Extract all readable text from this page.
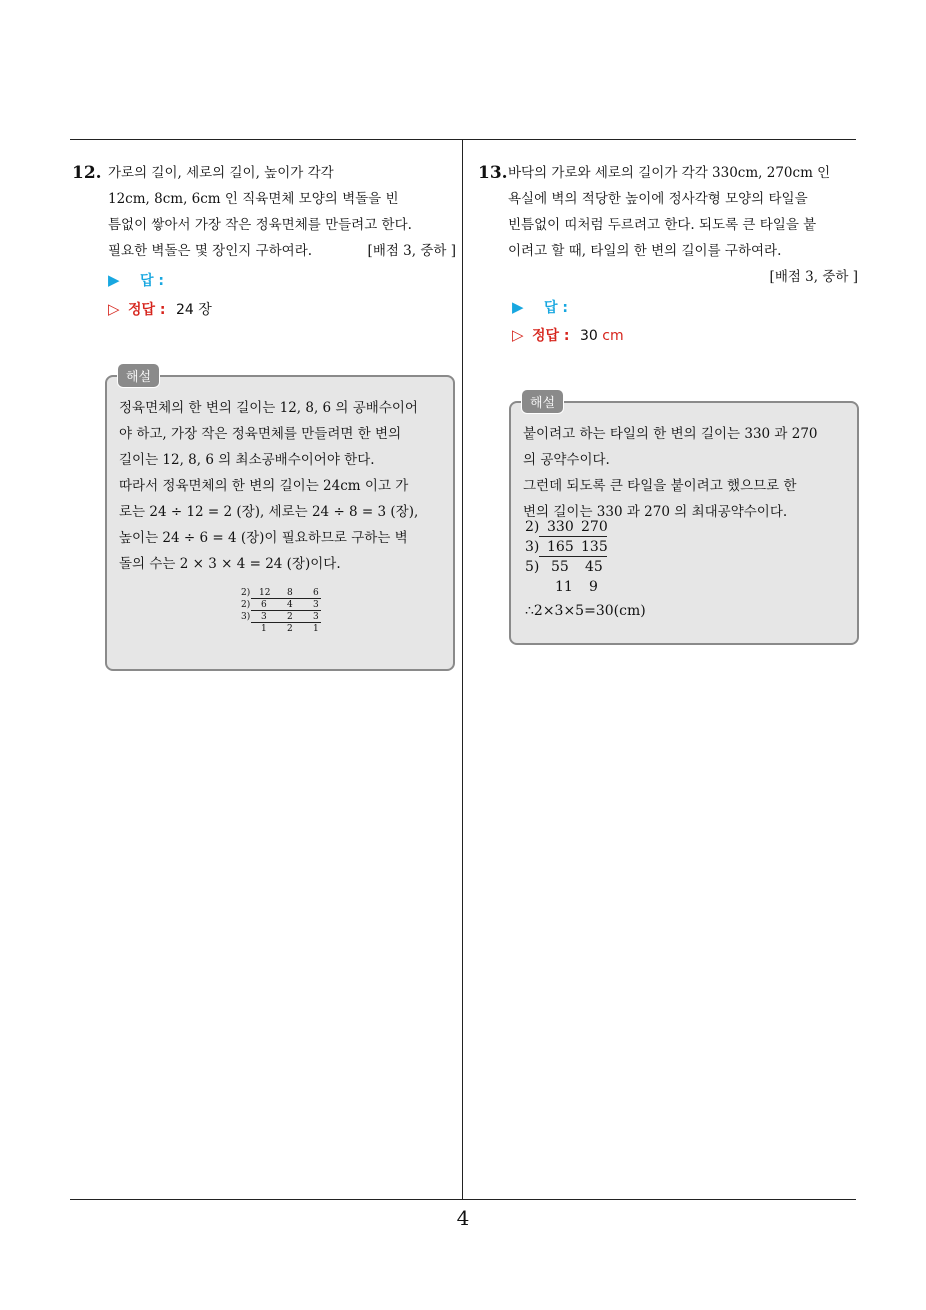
4
12. 가로의 길이, 세로의 길이, 높이가 각각
12cm, 8cm, 6cm 인 직육면체 모양의 벽돌을 빈
틈없이 쌓아서 가장 작은 정육면체를 만들려고 한다.
필요한 벽돌은 몇 장인지 구하여라.	[배점 3, 중하 ]
▶ 답 :
▷ 정답 : 24 장
해설
정육면체의 한 변의 길이는 12, 8, 6 의 공배수이어
야 하고, 가장 작은 정육면체를 만들려면 한 변의
길이는 12, 8, 6 의 최소공배수이어야 한다.
따라서 정육면체의 한 변의 길이는 24cm 이고 가
로는 24 ÷ 12 = 2 (장), 세로는 24 ÷ 8 = 3 (장),
높이는 24 ÷ 6 = 4 (장)이 필요하므로 구하는 벽
돌의 수는 2 × 3 × 4 = 24 (장)이다.
2) 12 8 6
2) 6 4 3
3) 3 2 3
1 2 1
13. 바닥의 가로와 세로의 길이가 각각 330cm, 270cm 인
욕실에 벽의 적당한 높이에 정사각형 모양의 타일을
빈틈없이 띠처럼 두르려고 한다. 되도록 큰 타일을 붙
이려고 할 때, 타일의 한 변의 길이를 구하여라.
[배점 3, 중하 ]
▶ 답 :
▷ 정답 : 30 cm
해설
붙이려고 하는 타일의 한 변의 길이는 330 과 270
의 공약수이다.
그런데 되도록 큰 타일을 붙이려고 했으므로 한
변의 길이는 330 과 270 의 최대공약수이다.
2) 330 270
3) 165 135
5) 55 45
11 9
∴2×3×5=30(cm)
